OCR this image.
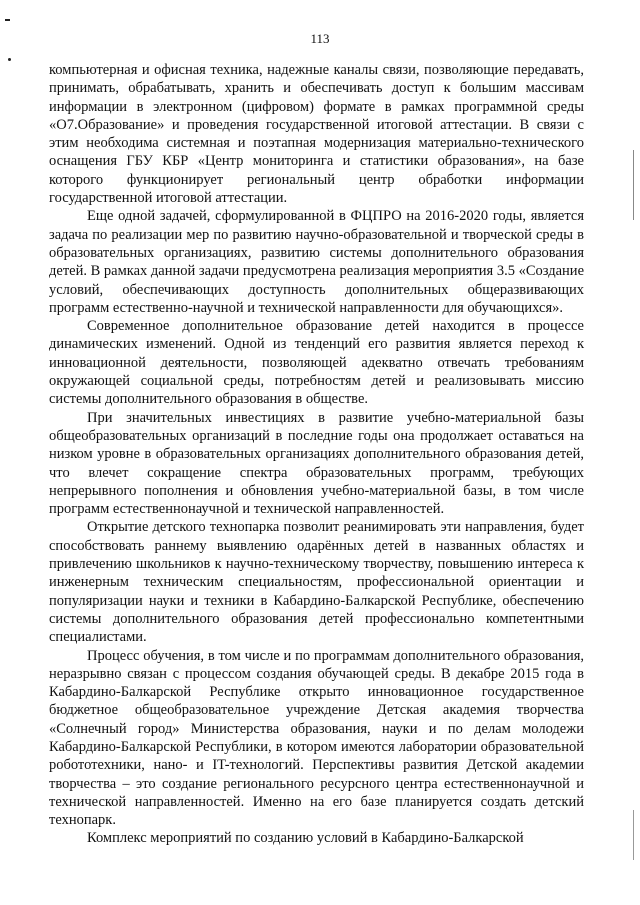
113

компьютерная и офисная техника, надежные каналы связи, позволяющие передавать, принимать, обрабатывать, хранить и обеспечивать доступ к большим массивам информации в электронном (цифровом) формате в рамках программной среды «О7.Образование» и проведения государственной итоговой аттестации. В связи с этим необходима системная и поэтапная модернизация материально-технического оснащения ГБУ КБР «Центр мониторинга и статистики образования», на базе которого функционирует региональный центр обработки информации государственной итоговой аттестации.

Еще одной задачей, сформулированной в ФЦПРО на 2016-2020 годы, является задача по реализации мер по развитию научно-образовательной и творческой среды в образовательных организациях, развитию системы дополнительного образования детей. В рамках данной задачи предусмотрена реализация мероприятия 3.5 «Создание условий, обеспечивающих доступность дополнительных общеразвивающих программ естественно-научной и технической направленности для обучающихся».

Современное дополнительное образование детей находится в процессе динамических изменений. Одной из тенденций его развития является переход к инновационной деятельности, позволяющей адекватно отвечать требованиям окружающей социальной среды, потребностям детей и реализовывать миссию системы дополнительного образования в обществе.

При значительных инвестициях в развитие учебно-материальной базы общеобразовательных организаций в последние годы она продолжает оставаться на низком уровне в образовательных организациях дополнительного образования детей, что влечет сокращение спектра образовательных программ, требующих непрерывного пополнения и обновления учебно-материальной базы, в том числе программ естественнонаучной и технической направленностей.

Открытие детского технопарка позволит реанимировать эти направления, будет способствовать раннему выявлению одарённых детей в названных областях и привлечению школьников к научно-техническому творчеству, повышению интереса к инженерным техническим специальностям, профессиональной ориентации и популяризации науки и техники в Кабардино-Балкарской Республике, обеспечению системы дополнительного образования детей профессионально компетентными специалистами.

Процесс обучения, в том числе и по программам дополнительного образования, неразрывно связан с процессом создания обучающей среды. В декабре 2015 года в Кабардино-Балкарской Республике открыто инновационное государственное бюджетное общеобразовательное учреждение Детская академия творчества «Солнечный город» Министерства образования, науки и по делам молодежи Кабардино-Балкарской Республики, в котором имеются лаборатории образовательной робототехники, нано- и IT-технологий. Перспективы развития Детской академии творчества – это создание регионального ресурсного центра естественнонаучной и технической направленностей. Именно на его базе планируется создать детский технопарк.

Комплекс мероприятий по созданию условий в Кабардино-Балкарской
